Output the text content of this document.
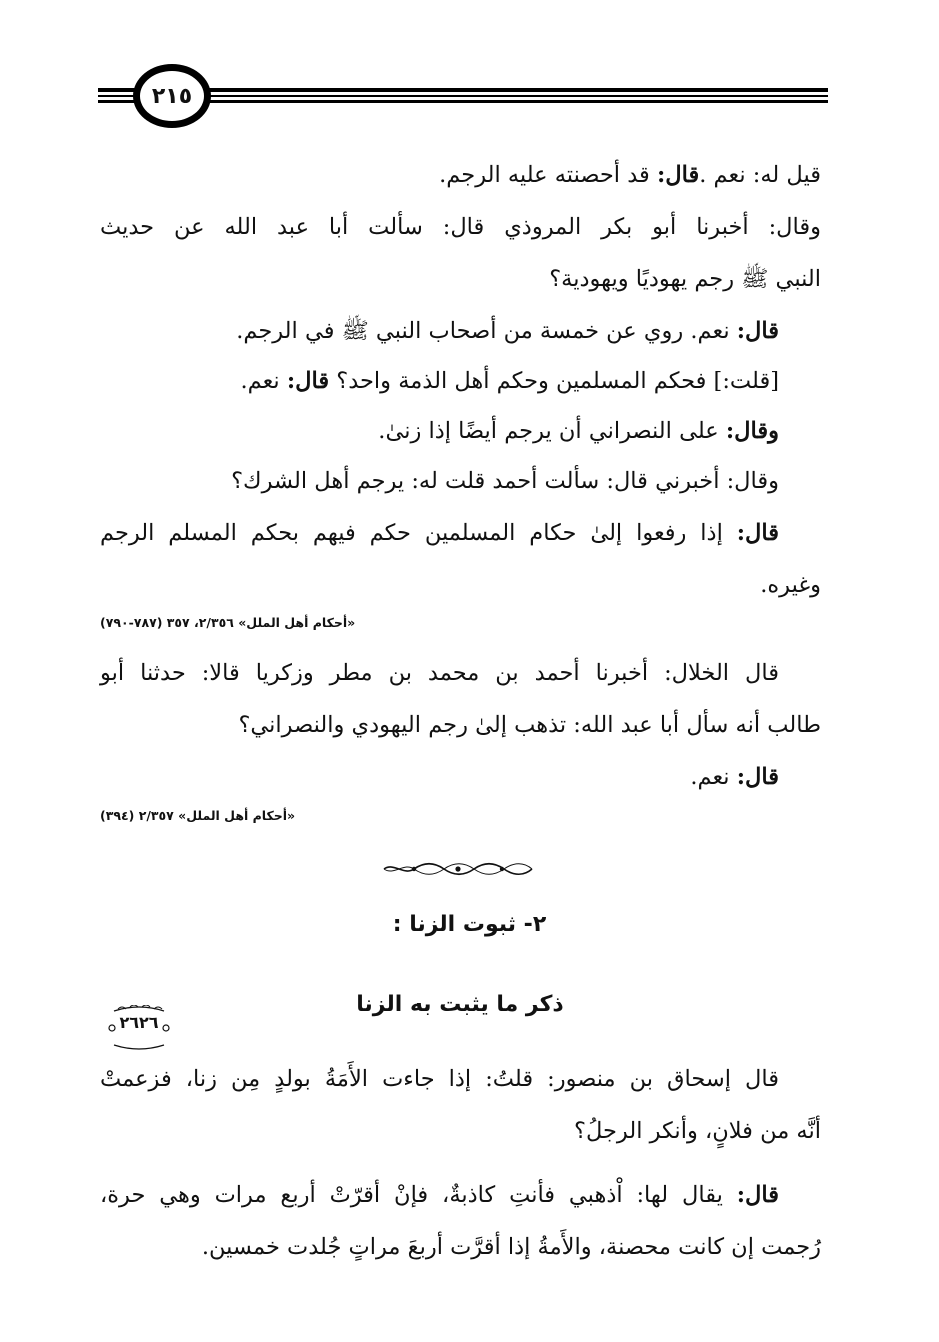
٢١٥
قيل له: نعم .قال: قد أحصنته عليه الرجم.
وقال: أخبرنا أبو بكر المروذي قال: سألت أبا عبد الله عن حديث
النبي ﷺ رجم يهوديًا ويهودية؟
قال: نعم. روي عن خمسة من أصحاب النبي ﷺ في الرجم.
[قلت:] فحكم المسلمين وحكم أهل الذمة واحد؟ قال: نعم.
وقال: على النصراني أن يرجم أيضًا إذا زنىٰ.
وقال: أخبرني قال: سألت أحمد قلت له: يرجم أهل الشرك؟
قال: إذا رفعوا إلىٰ حكام المسلمين حكم فيهم بحكم المسلم الرجم
وغيره.
«أحكام أهل الملل» ٢/٣٥٦، ٣٥٧ (٧٨٧-٧٩٠)
قال الخلال: أخبرنا أحمد بن محمد بن مطر وزكريا قالا: حدثنا أبو
طالب أنه سأل أبا عبد الله: تذهب إلىٰ رجم اليهودي والنصراني؟
قال: نعم.
«أحكام أهل الملل» ٢/٣٥٧ (٣٩٤)
٢- ثبوت الزنا :
٢٦٢٦
ذكر ما يثبت به الزنا
قال إسحاق بن منصور: قلتُ: إذا جاءت الأَمَةُ بولدٍ مِن زنا، فزعمتْ
أنَّه من فلانٍ، وأنكر الرجلُ؟
قال: يقال لها: اْذهبي فأنتِ كاذبةٌ، فإنْ أقرّتْ أربع مرات وهي حرة،
رُجمت إن كانت محصنة، والأَمةُ إذا أقرَّت أربعَ مراتٍ جُلدت خمسين.
